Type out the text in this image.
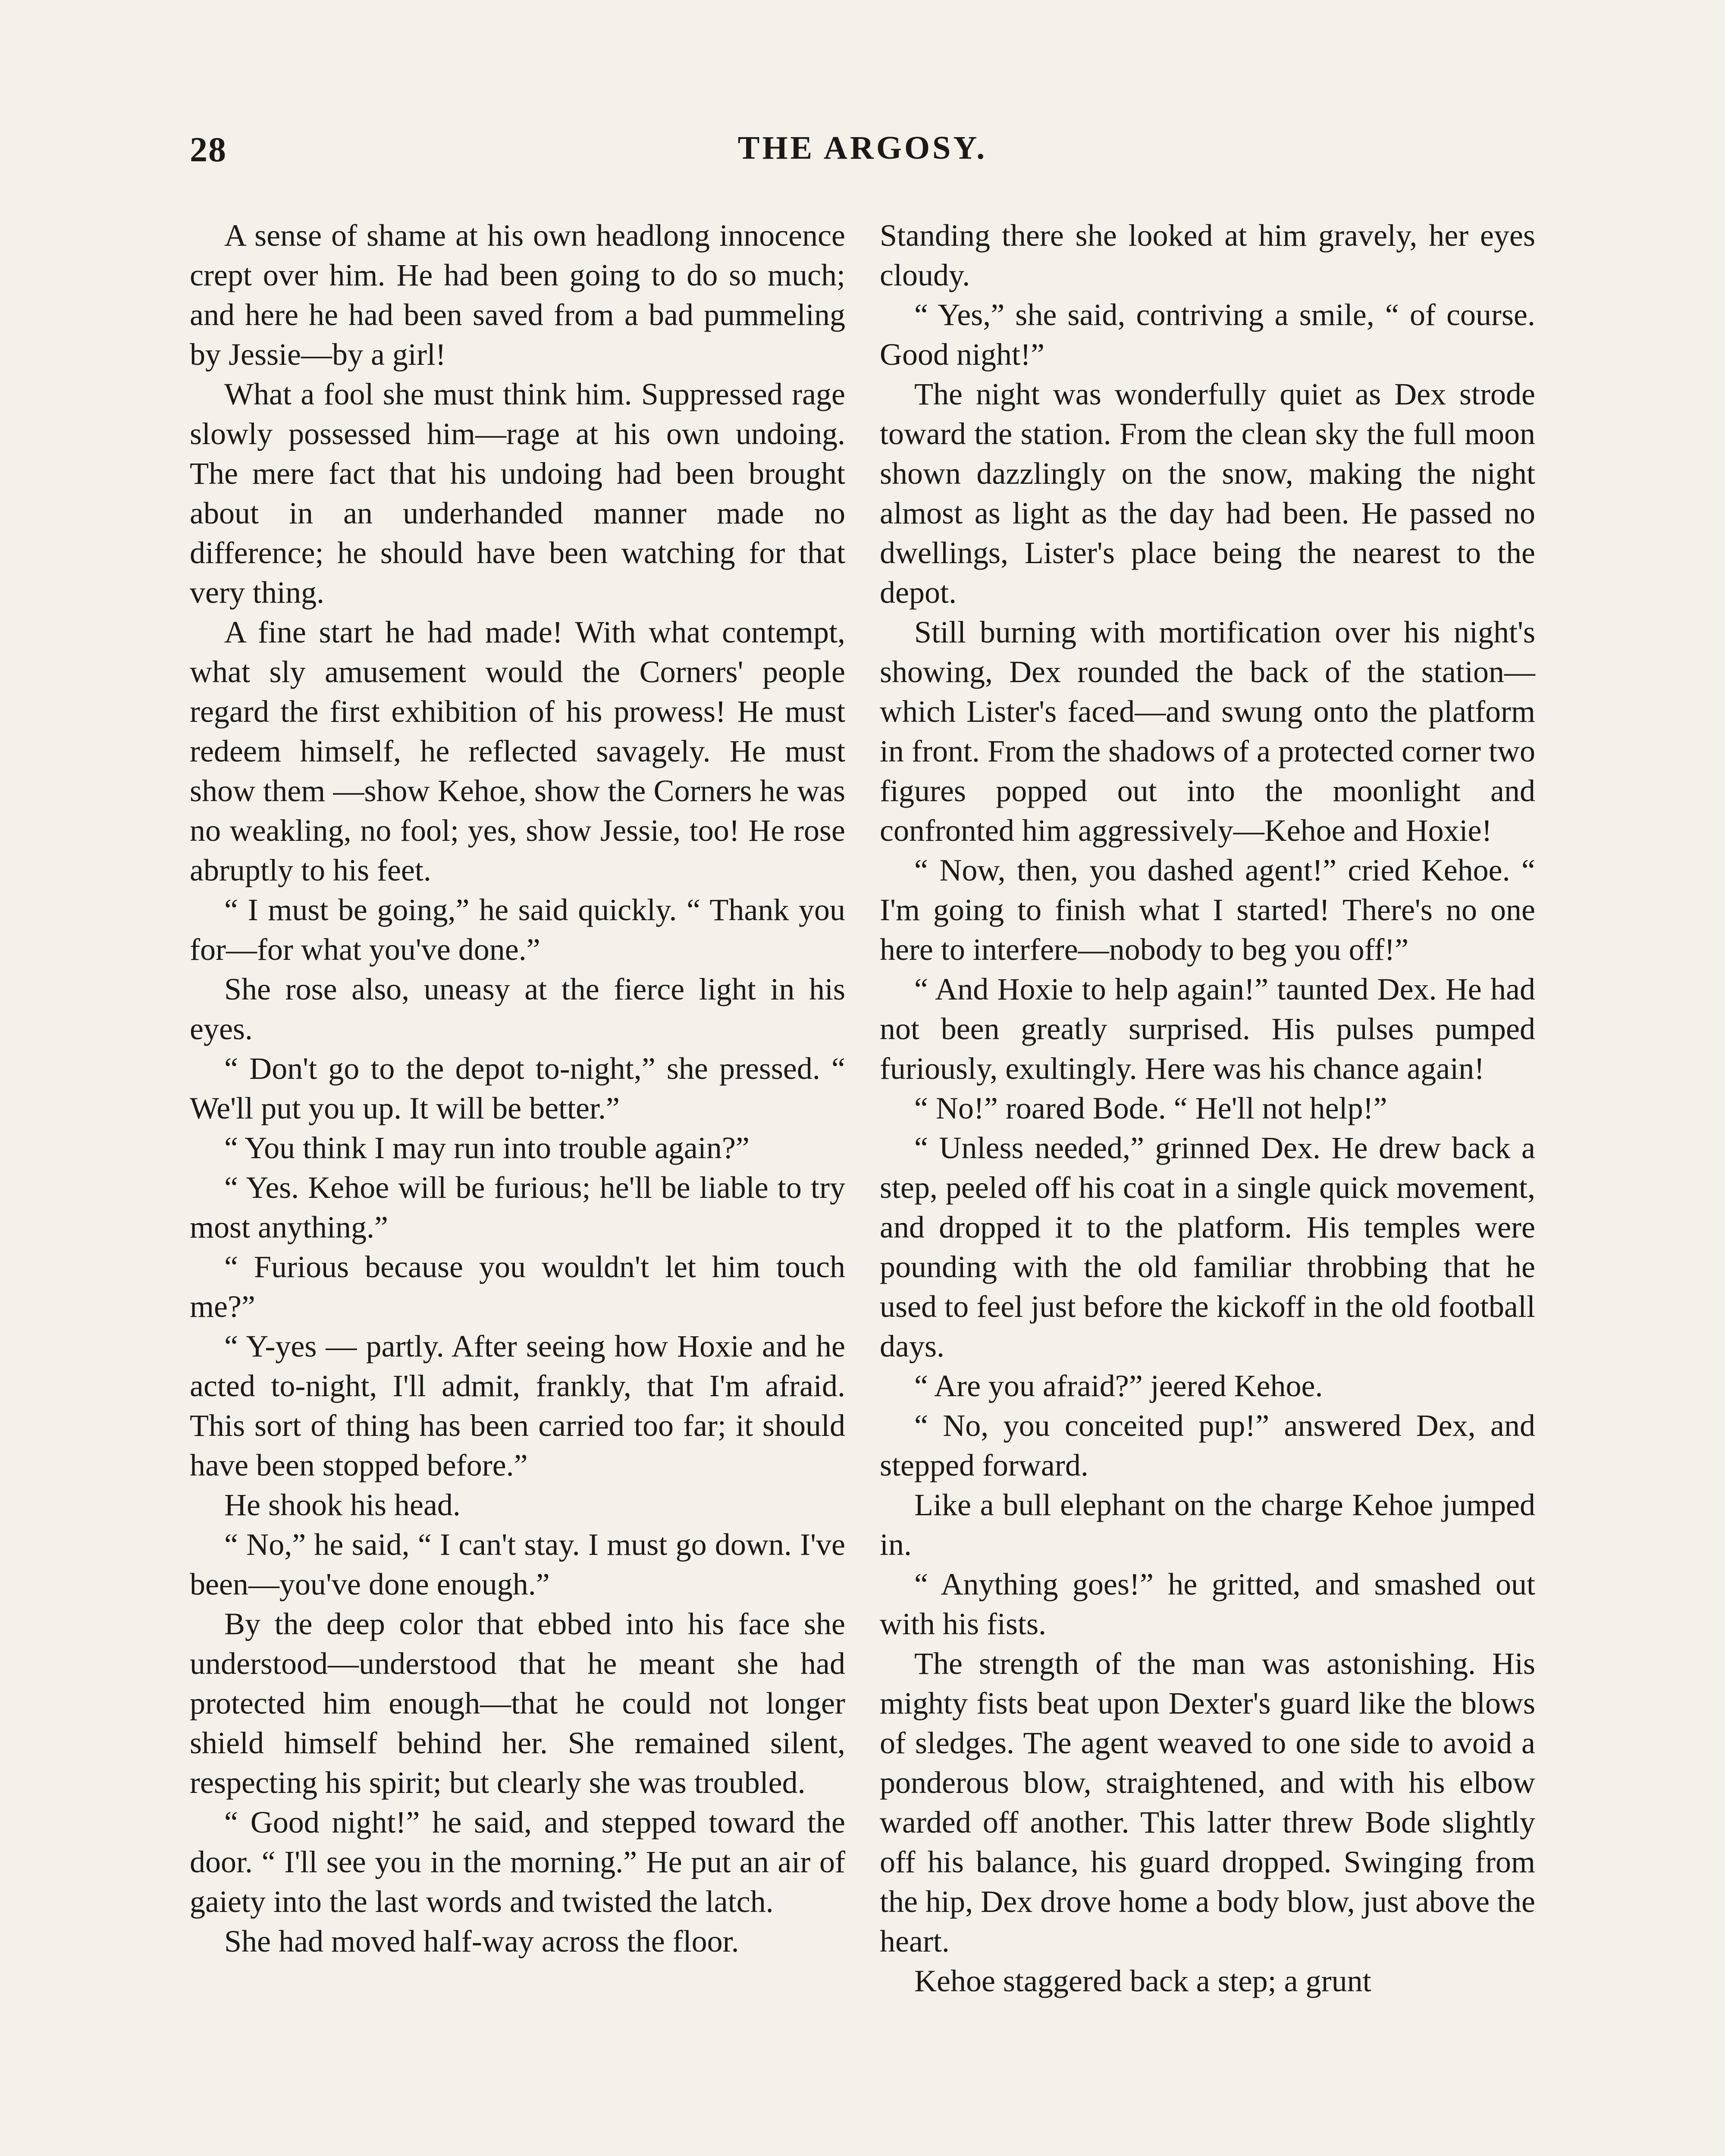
28	THE ARGOSY.

A sense of shame at his own headlong innocence crept over him. He had been going to do so much; and here he had been saved from a bad pummeling by Jessie—by a girl!

What a fool she must think him. Suppressed rage slowly possessed him—rage at his own undoing. The mere fact that his undoing had been brought about in an underhanded manner made no difference; he should have been watching for that very thing.

A fine start he had made! With what contempt, what sly amusement would the Corners' people regard the first exhibition of his prowess! He must redeem himself, he reflected savagely. He must show them —show Kehoe, show the Corners he was no weakling, no fool; yes, show Jessie, too! He rose abruptly to his feet.

“ I must be going,” he said quickly. “ Thank you for—for what you've done.”

She rose also, uneasy at the fierce light in his eyes.

“ Don't go to the depot to-night,” she pressed. “ We'll put you up. It will be better.”

“ You think I may run into trouble again?”

“ Yes. Kehoe will be furious; he'll be liable to try most anything.”

“ Furious because you wouldn't let him touch me?”

“ Y-yes — partly. After seeing how Hoxie and he acted to-night, I'll admit, frankly, that I'm afraid. This sort of thing has been carried too far; it should have been stopped before.”

He shook his head.

“ No,” he said, “ I can't stay. I must go down. I've been—you've done enough.”

By the deep color that ebbed into his face she understood—understood that he meant she had protected him enough—that he could not longer shield himself behind her. She remained silent, respecting his spirit; but clearly she was troubled.

“ Good night!” he said, and stepped toward the door. “ I'll see you in the morning.” He put an air of gaiety into the last words and twisted the latch.

She had moved half-way across the floor.

Standing there she looked at him gravely, her eyes cloudy.

“ Yes,” she said, contriving a smile, “ of course. Good night!”

The night was wonderfully quiet as Dex strode toward the station. From the clean sky the full moon shown dazzlingly on the snow, making the night almost as light as the day had been. He passed no dwellings, Lister's place being the nearest to the depot.

Still burning with mortification over his night's showing, Dex rounded the back of the station—which Lister's faced—and swung onto the platform in front. From the shadows of a protected corner two figures popped out into the moonlight and confronted him aggressively—Kehoe and Hoxie!

“ Now, then, you dashed agent!” cried Kehoe. “ I'm going to finish what I started! There's no one here to interfere—nobody to beg you off!”

“ And Hoxie to help again!” taunted Dex. He had not been greatly surprised. His pulses pumped furiously, exultingly. Here was his chance again!

“ No!” roared Bode. “ He'll not help!”

“ Unless needed,” grinned Dex. He drew back a step, peeled off his coat in a single quick movement, and dropped it to the platform. His temples were pounding with the old familiar throbbing that he used to feel just before the kickoff in the old football days.

“ Are you afraid?” jeered Kehoe.

“ No, you conceited pup!” answered Dex, and stepped forward.

Like a bull elephant on the charge Kehoe jumped in.

“ Anything goes!” he gritted, and smashed out with his fists.

The strength of the man was astonishing. His mighty fists beat upon Dexter's guard like the blows of sledges. The agent weaved to one side to avoid a ponderous blow, straightened, and with his elbow warded off another. This latter threw Bode slightly off his balance, his guard dropped. Swinging from the hip, Dex drove home a body blow, just above the heart.

Kehoe staggered back a step; a grunt
